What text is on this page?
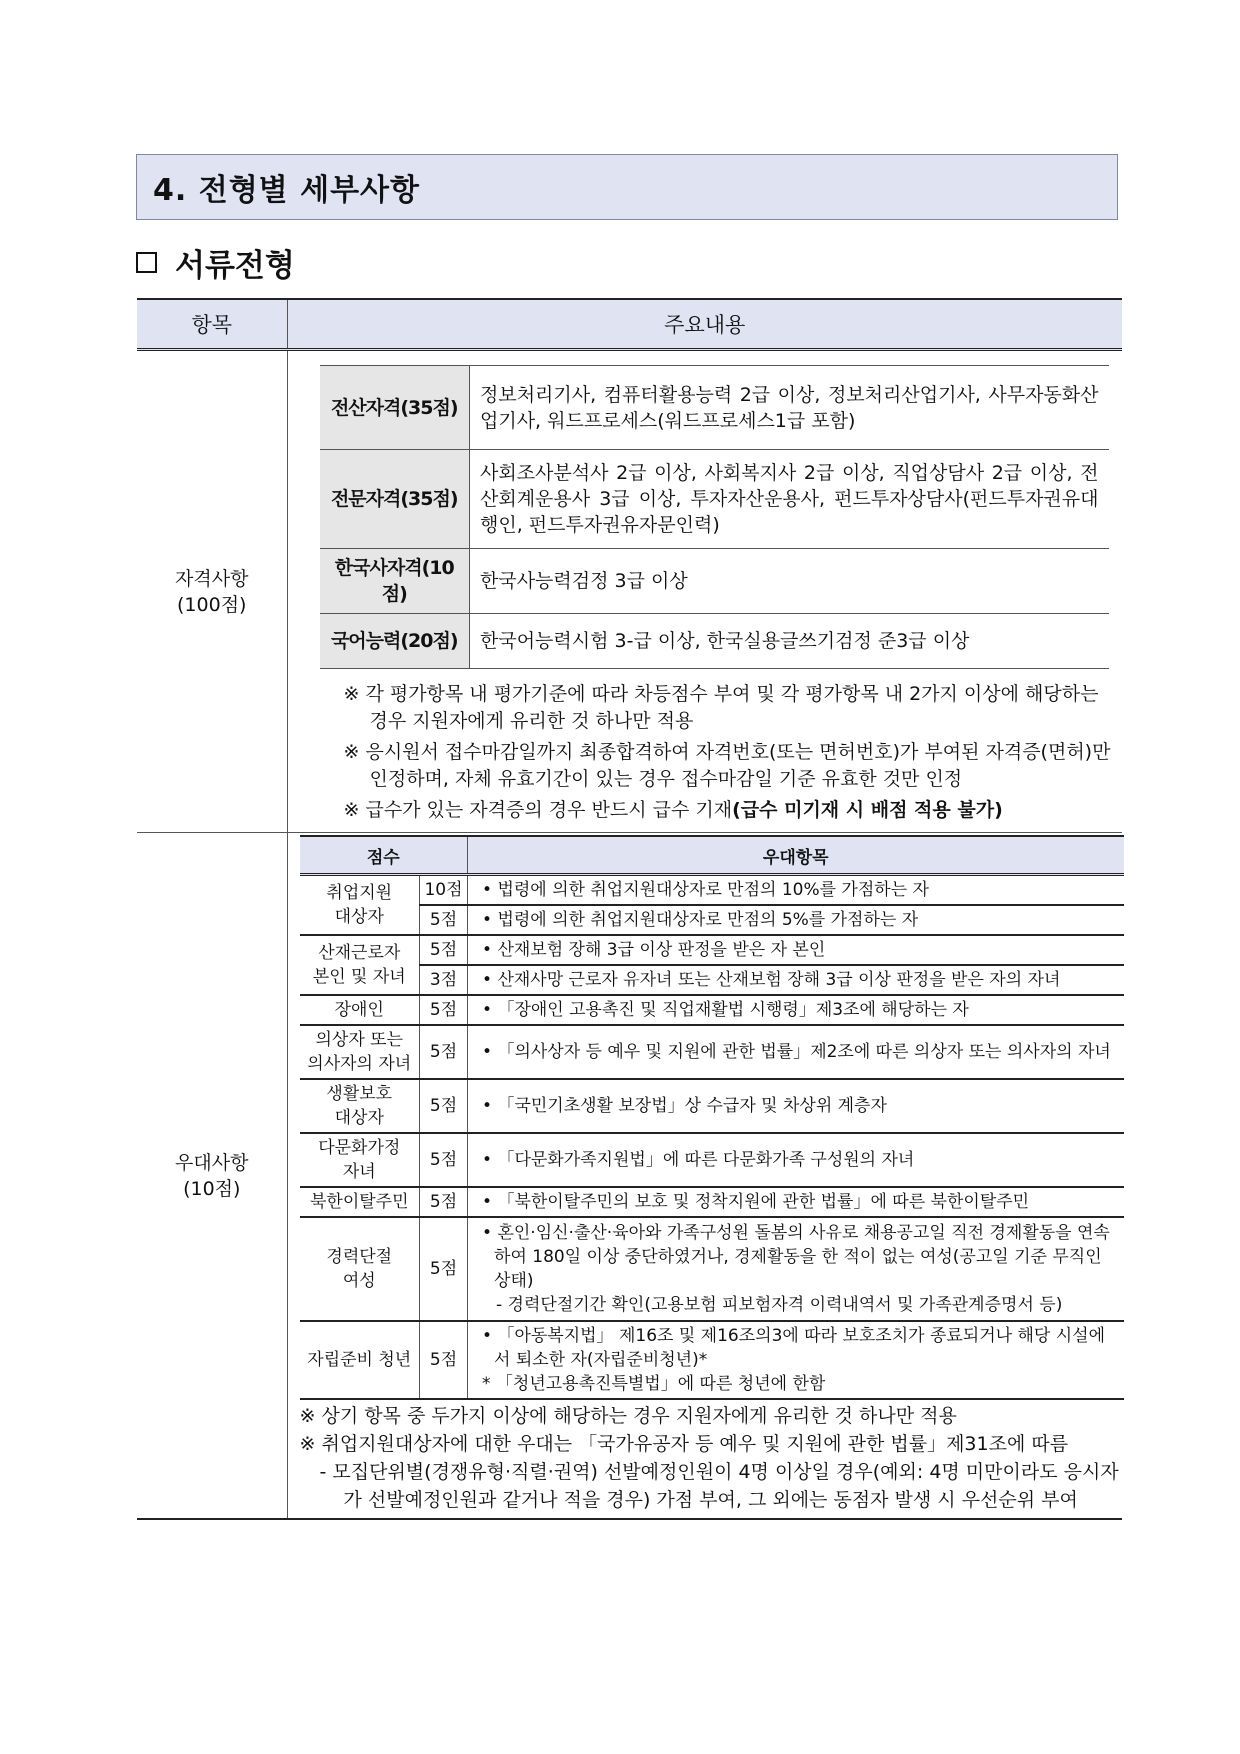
4. 전형별 세부사항
서류전형
항목	주요내용

자격사항
(100점)

전산자격(35점)	정보처리기사, 컴퓨터활용능력 2급 이상, 정보처리산업기사, 사무자동화산업기사, 워드프로세스(워드프로세스1급 포함)
전문자격(35점)	사회조사분석사 2급 이상, 사회복지사 2급 이상, 직업상담사 2급 이상, 전산회계운용사 3급 이상, 투자자산운용사, 펀드투자상담사(펀드투자권유대행인, 펀드투자권유자문인력)
한국사자격(10점)	한국사능력검정 3급 이상
국어능력(20점)	한국어능력시험 3-급 이상, 한국실용글쓰기검정 준3급 이상
※ 각 평가항목 내 평가기준에 따라 차등점수 부여 및 각 평가항목 내 2가지 이상에 해당하는 경우 지원자에게 유리한 것 하나만 적용
※ 응시원서 접수마감일까지 최종합격하여 자격번호(또는 면허번호)가 부여된 자격증(면허)만 인정하며, 자체 유효기간이 있는 경우 접수마감일 기준 유효한 것만 인정
※ 급수가 있는 자격증의 경우 반드시 급수 기재(급수 미기재 시 배점 적용 불가)

우대사항
(10점)

점수	우대항목

취업지원
대상자
	10점	• 법령에 의한 취업지원대상자로 만점의 10%를 가점하는 자
5점	• 법령에 의한 취업지원대상자로 만점의 5%를 가점하는 자

산재근로자
본인 및 자녀
	5점	• 산재보험 장해 3급 이상 판정을 받은 자 본인
3점	• 산재사망 근로자 유자녀 또는 산재보험 장해 3급 이상 판정을 받은 자의 자녀
장애인	5점	• 「장애인 고용촉진 및 직업재활법 시행령」제3조에 해당하는 자

의상자 또는
의사자의 자녀
	5점	• 「의사상자 등 예우 및 지원에 관한 법률」제2조에 따른 의상자 또는 의사자의 자녀

생활보호
대상자
	5점	• 「국민기초생활 보장법」상 수급자 및 차상위 계층자

다문화가정
자녀
	5점	• 「다문화가족지원법」에 따른 다문화가족 구성원의 자녀
북한이탈주민	5점	• 「북한이탈주민의 보호 및 정착지원에 관한 법률」에 따른 북한이탈주민

경력단절
여성
	5점	
• 혼인·임신·출산·육아와 가족구성원 돌봄의 사유로 채용공고일 직전 경제활동을 연속하여 180일 이상 중단하였거나, 경제활동을 한 적이 없는 여성(공고일 기준 무직인 상태)
- 경력단절기간 확인(고용보험 피보험자격 이력내역서 및 가족관계증명서 등)

자립준비 청년	5점	
• 「아동복지법」 제16조 및 제16조의3에 따라 보호조치가 종료되거나 해당 시설에서 퇴소한 자(자립준비청년)*
* 「청년고용촉진특별법」에 따른 청년에 한함
※ 상기 항목 중 두가지 이상에 해당하는 경우 지원자에게 유리한 것 하나만 적용
※ 취업지원대상자에 대한 우대는 「국가유공자 등 예우 및 지원에 관한 법률」제31조에 따름
- 모집단위별(경쟁유형·직렬·권역) 선발예정인원이 4명 이상일 경우(예외: 4명 미만이라도 응시자가 선발예정인원과 같거나 적을 경우) 가점 부여, 그 외에는 동점자 발생 시 우선순위 부여
